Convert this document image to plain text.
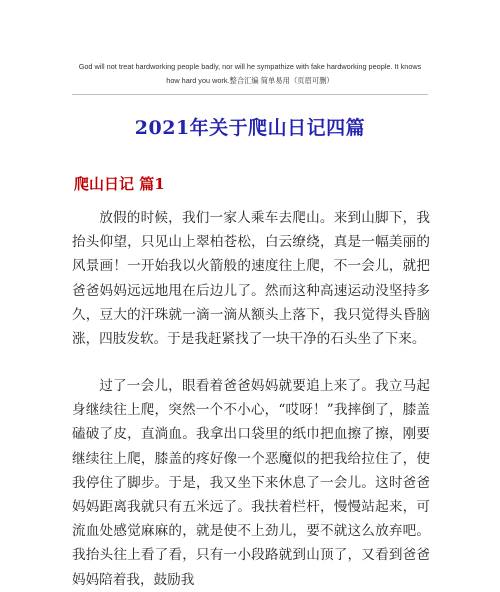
God will not treat hardworking people badly, nor will he sympathize with fake hardworking people. It knows how hard you work.整合汇编 简单易用（页眉可删）
2021年关于爬山日记四篇
爬山日记 篇1

放假的时候，我们一家人乘车去爬山。来到山脚下，我抬头仰望，只见山上翠柏苍松，白云缭绕，真是一幅美丽的风景画！一开始我以火箭般的速度往上爬，不一会儿，就把爸爸妈妈远远地甩在后边儿了。然而这种高速运动没坚持多久，豆大的汗珠就一滴一滴从额头上落下，我只觉得头昏脑涨，四肢发软。于是我赶紧找了一块干净的石头坐了下来。

过了一会儿，眼看着爸爸妈妈就要追上来了。我立马起身继续往上爬，突然一个不小心，“哎呀！”我摔倒了，膝盖磕破了皮，直淌血。我拿出口袋里的纸巾把血擦了擦，刚要继续往上爬，膝盖的疼好像一个恶魔似的把我给拉住了，使我停住了脚步。于是，我又坐下来休息了一会儿。这时爸爸妈妈距离我就只有五米远了。我扶着栏杆，慢慢站起来，可流血处感觉麻麻的，就是使不上劲儿，要不就这么放弃吧。我抬头往上看了看，只有一小段路就到山顶了，又看到爸爸妈妈陪着我，鼓励我
